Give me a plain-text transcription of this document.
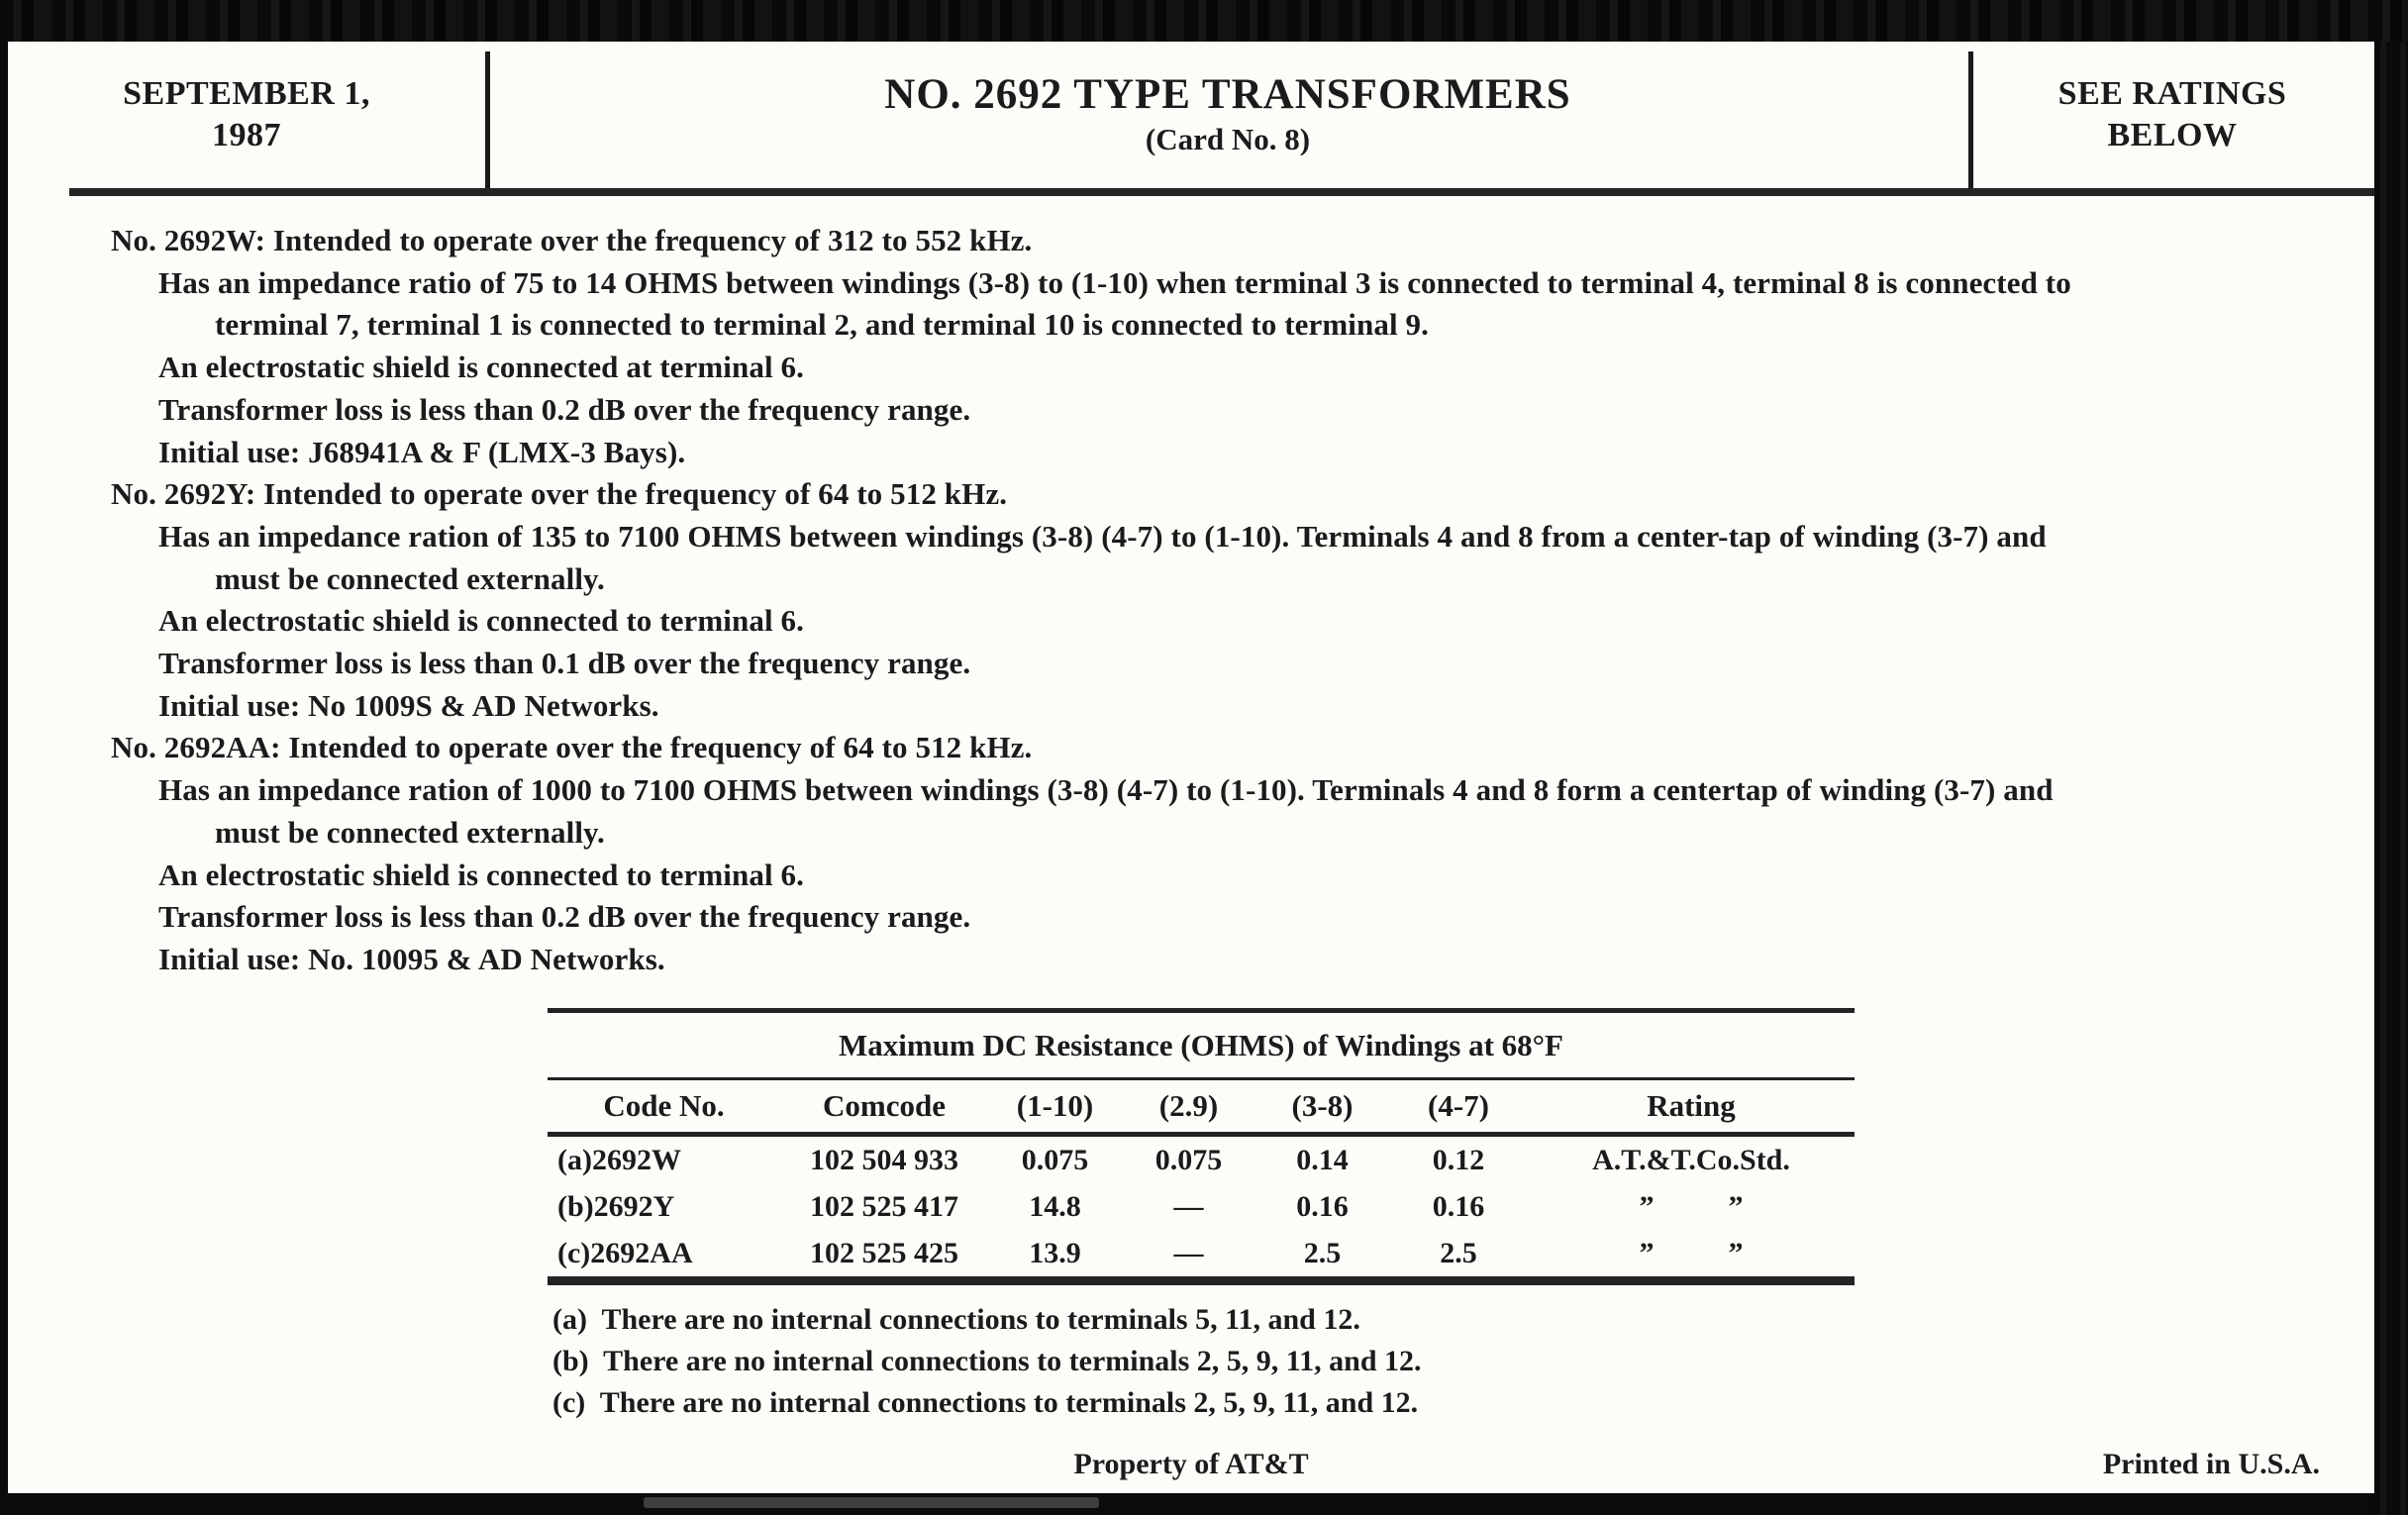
SEPTEMBER 1,
1987
NO. 2692 TYPE TRANSFORMERS
(Card No. 8)
SEE RATINGS
BELOW
No. 2692W: Intended to operate over the frequency of 312 to 552 kHz.
Has an impedance ratio of 75 to 14 OHMS between windings (3-8) to (1-10) when terminal 3 is connected to terminal 4, terminal 8 is connected to
terminal 7, terminal 1 is connected to terminal 2, and terminal 10 is connected to terminal 9.
An electrostatic shield is connected at terminal 6.
Transformer loss is less than 0.2 dB over the frequency range.
Initial use: J68941A & F (LMX-3 Bays).
No. 2692Y: Intended to operate over the frequency of 64 to 512 kHz.
Has an impedance ration of 135 to 7100 OHMS between windings (3-8) (4-7) to (1-10). Terminals 4 and 8 from a center-tap of winding (3-7) and
must be connected externally.
An electrostatic shield is connected to terminal 6.
Transformer loss is less than 0.1 dB over the frequency range.
Initial use: No 1009S & AD Networks.
No. 2692AA: Intended to operate over the frequency of 64 to 512 kHz.
Has an impedance ration of 1000 to 7100 OHMS between windings (3-8) (4-7) to (1-10). Terminals 4 and 8 form a centertap of winding (3-7) and
must be connected externally.
An electrostatic shield is connected to terminal 6.
Transformer loss is less than 0.2 dB over the frequency range.
Initial use: No. 10095 & AD Networks.
Maximum DC Resistance (OHMS) of Windings at 68°F
Code No.	Comcode	(1-10)	(2.9)	(3-8)	(4-7)	Rating
(a)2692W	102 504 933	0.075	0.075	0.14	0.12	A.T.&T.Co.Std.
(b)2692Y	102 525 417	14.8	—	0.16	0.16	”          ”
(c)2692AA	102 525 425	13.9	—	2.5	2.5	”          ”
(a)  There are no internal connections to terminals 5, 11, and 12.
(b)  There are no internal connections to terminals 2, 5, 9, 11, and 12.
(c)  There are no internal connections to terminals 2, 5, 9, 11, and 12.
Property of AT&T	Printed in U.S.A.
